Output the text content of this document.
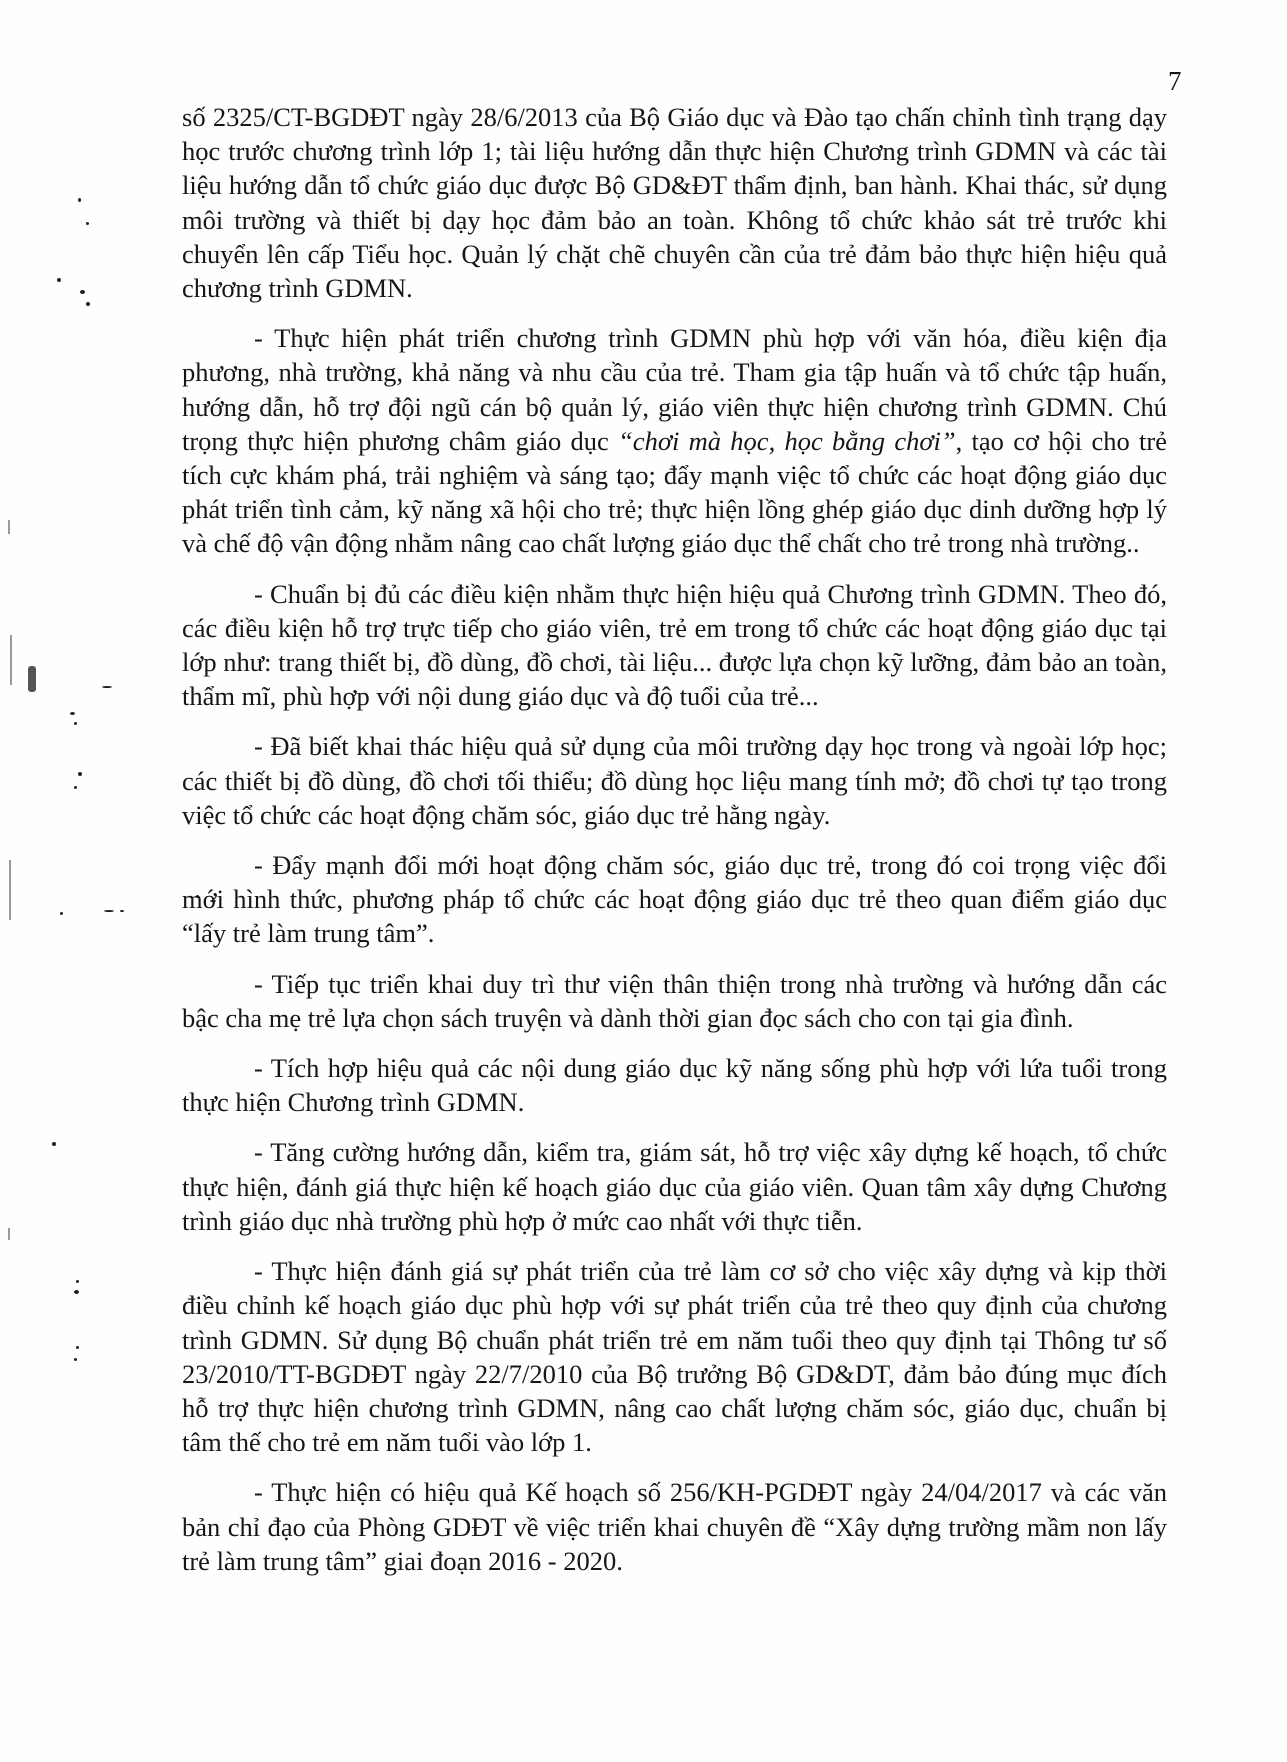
7

số 2325/CT-BGDĐT ngày 28/6/2013 của Bộ Giáo dục và Đào tạo chấn chỉnh tình trạng dạy học trước chương trình lớp 1; tài liệu hướng dẫn thực hiện Chương trình GDMN và các tài liệu hướng dẫn tổ chức giáo dục được Bộ GD&ĐT thẩm định, ban hành. Khai thác, sử dụng môi trường và thiết bị dạy học đảm bảo an toàn. Không tổ chức khảo sát trẻ trước khi chuyển lên cấp Tiểu học. Quản lý chặt chẽ chuyên cần của trẻ đảm bảo thực hiện hiệu quả chương trình GDMN.

- Thực hiện phát triển chương trình GDMN phù hợp với văn hóa, điều kiện địa phương, nhà trường, khả năng và nhu cầu của trẻ. Tham gia tập huấn và tổ chức tập huấn, hướng dẫn, hỗ trợ đội ngũ cán bộ quản lý, giáo viên thực hiện chương trình GDMN. Chú trọng thực hiện phương châm giáo dục “chơi mà học, học bằng chơi”, tạo cơ hội cho trẻ tích cực khám phá, trải nghiệm và sáng tạo; đẩy mạnh việc tổ chức các hoạt động giáo dục phát triển tình cảm, kỹ năng xã hội cho trẻ; thực hiện lồng ghép giáo dục dinh dưỡng hợp lý và chế độ vận động nhằm nâng cao chất lượng giáo dục thể chất cho trẻ trong nhà trường..

- Chuẩn bị đủ các điều kiện nhằm thực hiện hiệu quả Chương trình GDMN. Theo đó, các điều kiện hỗ trợ trực tiếp cho giáo viên, trẻ em trong tổ chức các hoạt động giáo dục tại lớp như: trang thiết bị, đồ dùng, đồ chơi, tài liệu... được lựa chọn kỹ lưỡng, đảm bảo an toàn, thẩm mĩ, phù hợp với nội dung giáo dục và độ tuổi của trẻ...

- Đã biết khai thác hiệu quả sử dụng của môi trường dạy học trong và ngoài lớp học; các thiết bị đồ dùng, đồ chơi tối thiểu; đồ dùng học liệu mang tính mở; đồ chơi tự tạo trong việc tổ chức các hoạt động chăm sóc, giáo dục trẻ hằng ngày.

- Đẩy mạnh đổi mới hoạt động chăm sóc, giáo dục trẻ, trong đó coi trọng việc đổi mới hình thức, phương pháp tổ chức các hoạt động giáo dục trẻ theo quan điểm giáo dục “lấy trẻ làm trung tâm”.

- Tiếp tục triển khai duy trì thư viện thân thiện trong nhà trường và hướng dẫn các bậc cha mẹ trẻ lựa chọn sách truyện và dành thời gian đọc sách cho con tại gia đình.

- Tích hợp hiệu quả các nội dung giáo dục kỹ năng sống phù hợp với lứa tuổi trong thực hiện Chương trình GDMN.

- Tăng cường hướng dẫn, kiểm tra, giám sát, hỗ trợ việc xây dựng kế hoạch, tổ chức thực hiện, đánh giá thực hiện kế hoạch giáo dục của giáo viên. Quan tâm xây dựng Chương trình giáo dục nhà trường phù hợp ở mức cao nhất với thực tiễn.

- Thực hiện đánh giá sự phát triển của trẻ làm cơ sở cho việc xây dựng và kịp thời điều chỉnh kế hoạch giáo dục phù hợp với sự phát triển của trẻ theo quy định của chương trình GDMN. Sử dụng Bộ chuẩn phát triển trẻ em năm tuổi theo quy định tại Thông tư số 23/2010/TT-BGDĐT ngày 22/7/2010 của Bộ trưởng Bộ GD&DT, đảm bảo đúng mục đích hỗ trợ thực hiện chương trình GDMN, nâng cao chất lượng chăm sóc, giáo dục, chuẩn bị tâm thế cho trẻ em năm tuổi vào lớp 1.

- Thực hiện có hiệu quả Kế hoạch số 256/KH-PGDĐT ngày 24/04/2017 và các văn bản chỉ đạo của Phòng GDĐT về việc triển khai chuyên đề “Xây dựng trường mầm non lấy trẻ làm trung tâm” giai đoạn 2016 - 2020.
